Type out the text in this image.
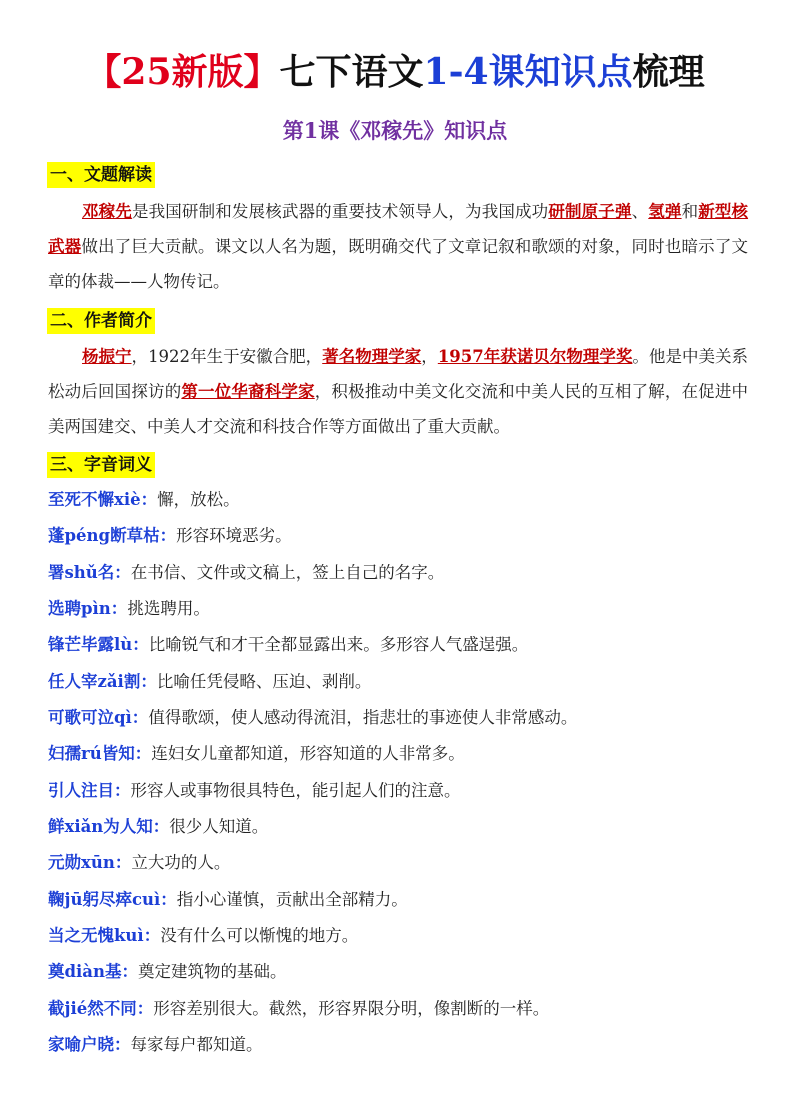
【25新版】七下语文1-4课知识点梳理
第1课《邓稼先》知识点
一、文题解读
邓稼先是我国研制和发展核武器的重要技术领导人，为我国成功研制原子弹、氢弹和新型核武器做出了巨大贡献。课文以人名为题，既明确交代了文章记叙和歌颂的对象，同时也暗示了文章的体裁——人物传记。
二、作者简介
杨振宁，1922年生于安徽合肥，著名物理学家，1957年获诺贝尔物理学奖。他是中美关系松动后回国探访的第一位华裔科学家，积极推动中美文化交流和中美人民的互相了解，在促进中美两国建交、中美人才交流和科技合作等方面做出了重大贡献。
三、字音词义
至死不懈xiè：懈，放松。
蓬péng断草枯：形容环境恶劣。
署shǔ名：在书信、文件或文稿上，签上自己的名字。
选聘pìn：挑选聘用。
锋芒毕露lù：比喻锐气和才干全都显露出来。多形容人气盛逞强。
任人宰zǎi割：比喻任凭侵略、压迫、剥削。
可歌可泣qì：值得歌颂，使人感动得流泪，指悲壮的事迹使人非常感动。
妇孺rú皆知：连妇女儿童都知道，形容知道的人非常多。
引人注目：形容人或事物很具特色，能引起人们的注意。
鲜xiǎn为人知：很少人知道。
元勋xūn：立大功的人。
鞠jū躬尽瘁cuì：指小心谨慎，贡献出全部精力。
当之无愧kuì：没有什么可以惭愧的地方。
奠diàn基：奠定建筑物的基础。
截jié然不同：形容差别很大。截然，形容界限分明，像割断的一样。
家喻户晓：每家每户都知道。
